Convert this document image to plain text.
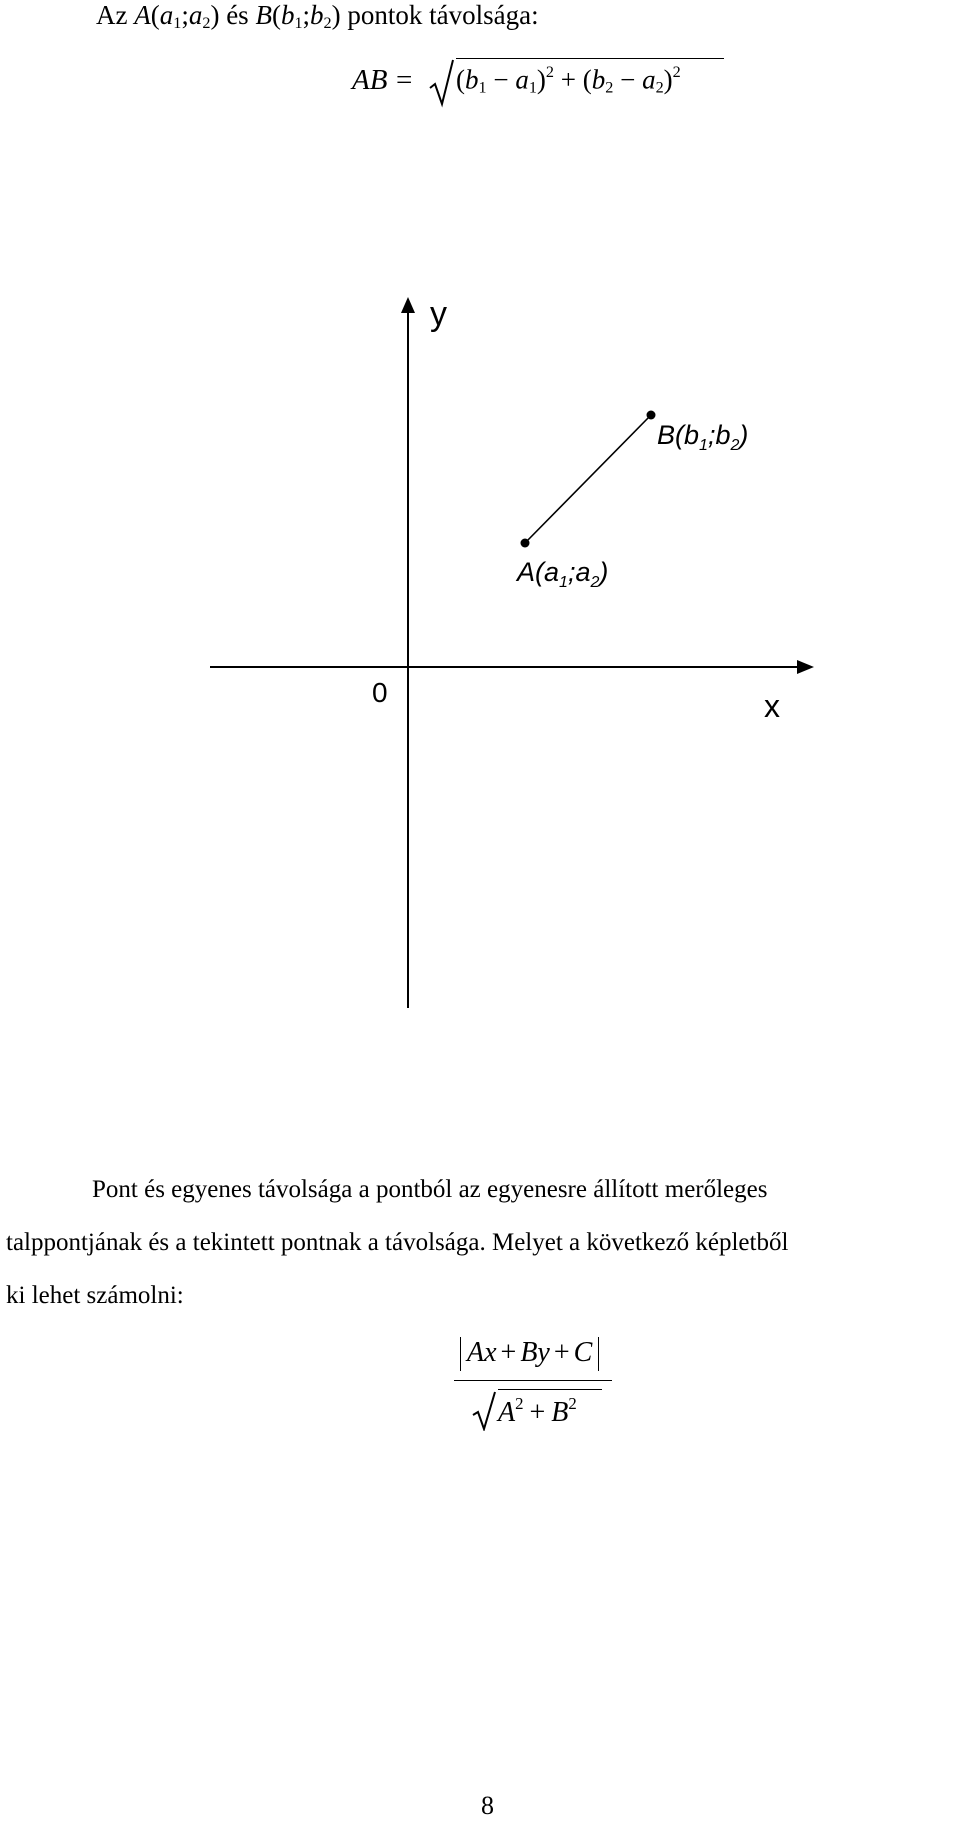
Az $A(a_1;a_2)$ és $B(b_1;b_2)$ pontok távolsága:
AB = $(b_1 - a_1)^2 + (b_2 - a_2)^2$
y
x
0
$B(b_1;b_2)$
$A(a_1;a_2)$
Pont és egyenes távolsága a pontból az egyenesre állított merőleges
talppontjának és a tekintett pontnak a távolsága. Melyet a következő képletből
ki lehet számolni:
$\frac{Ax + By + C}{A^2 + B^2}$
8
